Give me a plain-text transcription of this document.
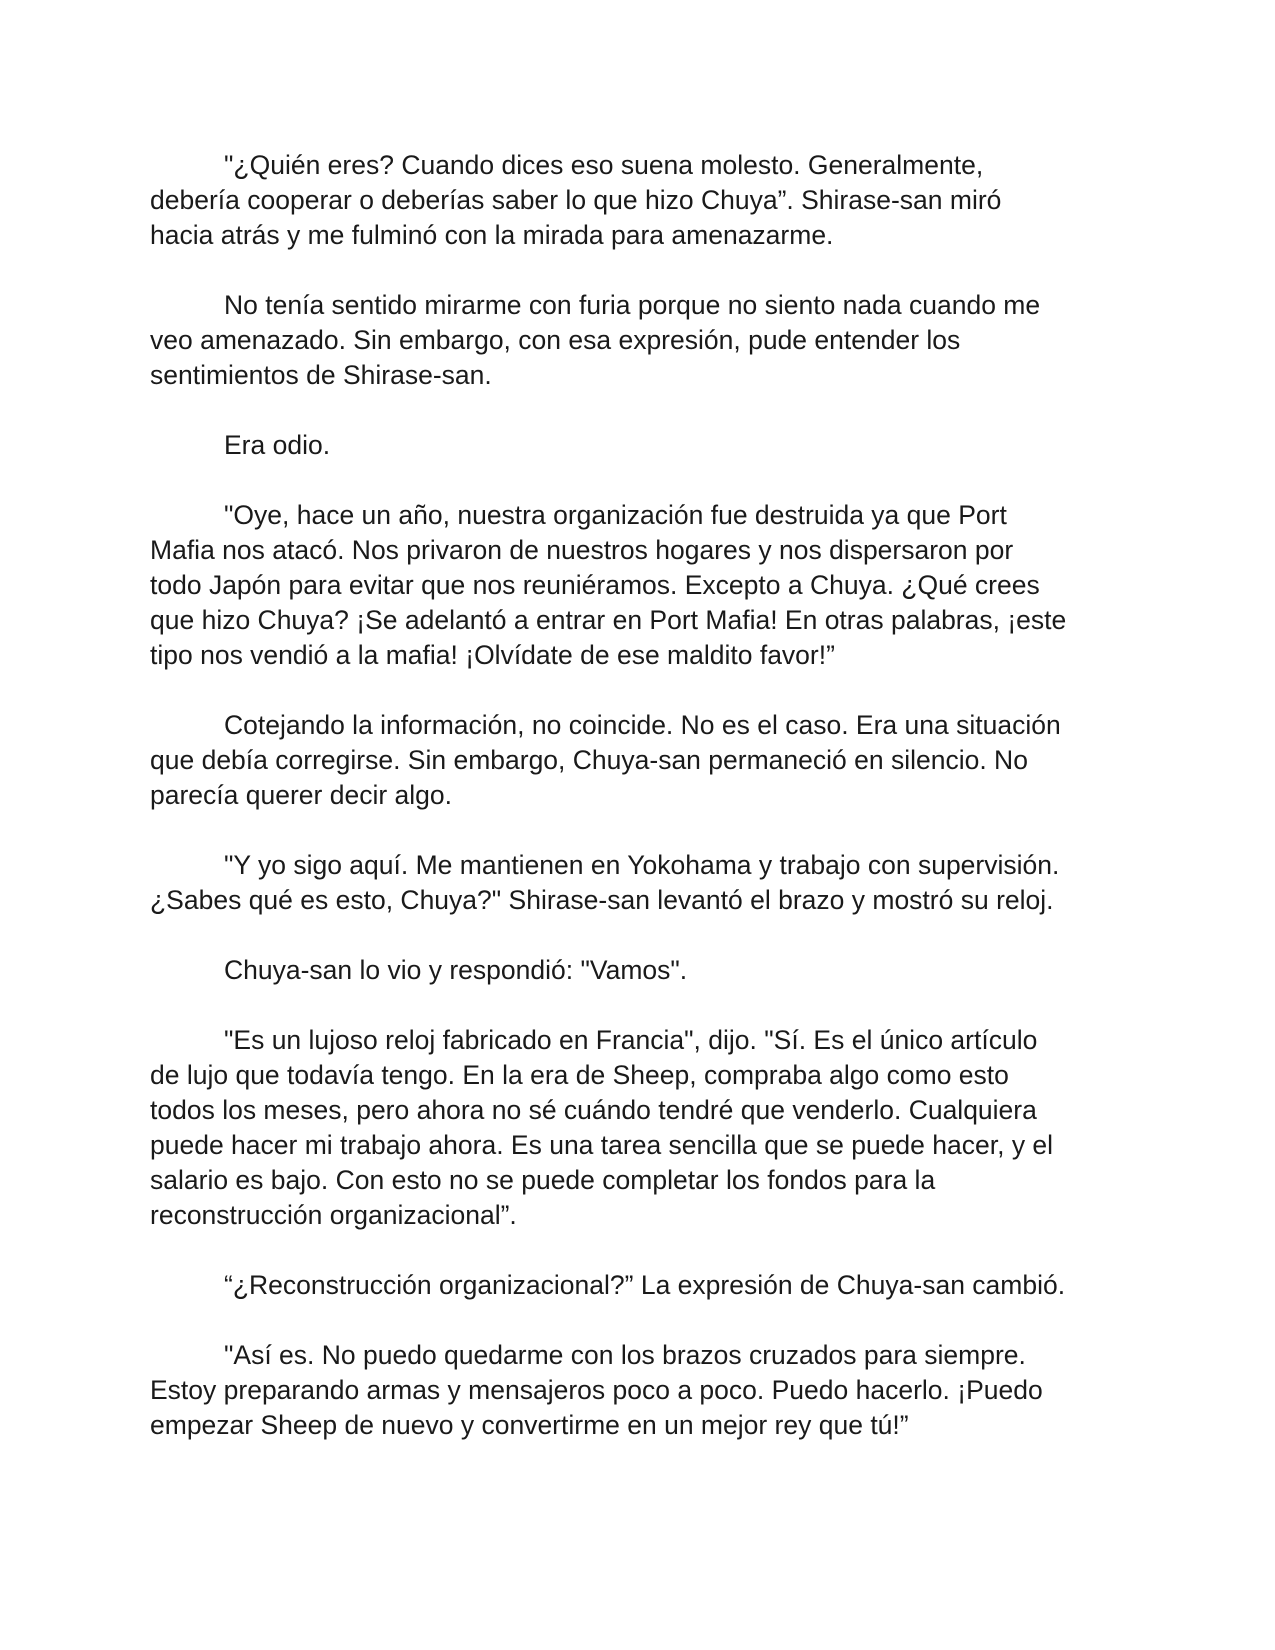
"¿Quién eres? Cuando dices eso suena molesto. Generalmente,
debería cooperar o deberías saber lo que hizo Chuya”. Shirase-san miró
hacia atrás y me fulminó con la mirada para amenazarme.

No tenía sentido mirarme con furia porque no siento nada cuando me
veo amenazado. Sin embargo, con esa expresión, pude entender los
sentimientos de Shirase-san.

Era odio.

"Oye, hace un año, nuestra organización fue destruida ya que Port
Mafia nos atacó. Nos privaron de nuestros hogares y nos dispersaron por
todo Japón para evitar que nos reuniéramos. Excepto a Chuya. ¿Qué crees
que hizo Chuya? ¡Se adelantó a entrar en Port Mafia! En otras palabras, ¡este
tipo nos vendió a la mafia! ¡Olvídate de ese maldito favor!”

Cotejando la información, no coincide. No es el caso. Era una situación
que debía corregirse. Sin embargo, Chuya-san permaneció en silencio. No
parecía querer decir algo.

"Y yo sigo aquí. Me mantienen en Yokohama y trabajo con supervisión.
¿Sabes qué es esto, Chuya?" Shirase-san levantó el brazo y mostró su reloj.

Chuya-san lo vio y respondió: "Vamos".

"Es un lujoso reloj fabricado en Francia", dijo. "Sí. Es el único artículo
de lujo que todavía tengo. En la era de Sheep, compraba algo como esto
todos los meses, pero ahora no sé cuándo tendré que venderlo. Cualquiera
puede hacer mi trabajo ahora. Es una tarea sencilla que se puede hacer, y el
salario es bajo. Con esto no se puede completar los fondos para la
reconstrucción organizacional”.

“¿Reconstrucción organizacional?” La expresión de Chuya-san cambió.

"Así es. No puedo quedarme con los brazos cruzados para siempre.
Estoy preparando armas y mensajeros poco a poco. Puedo hacerlo. ¡Puedo
empezar Sheep de nuevo y convertirme en un mejor rey que tú!”
